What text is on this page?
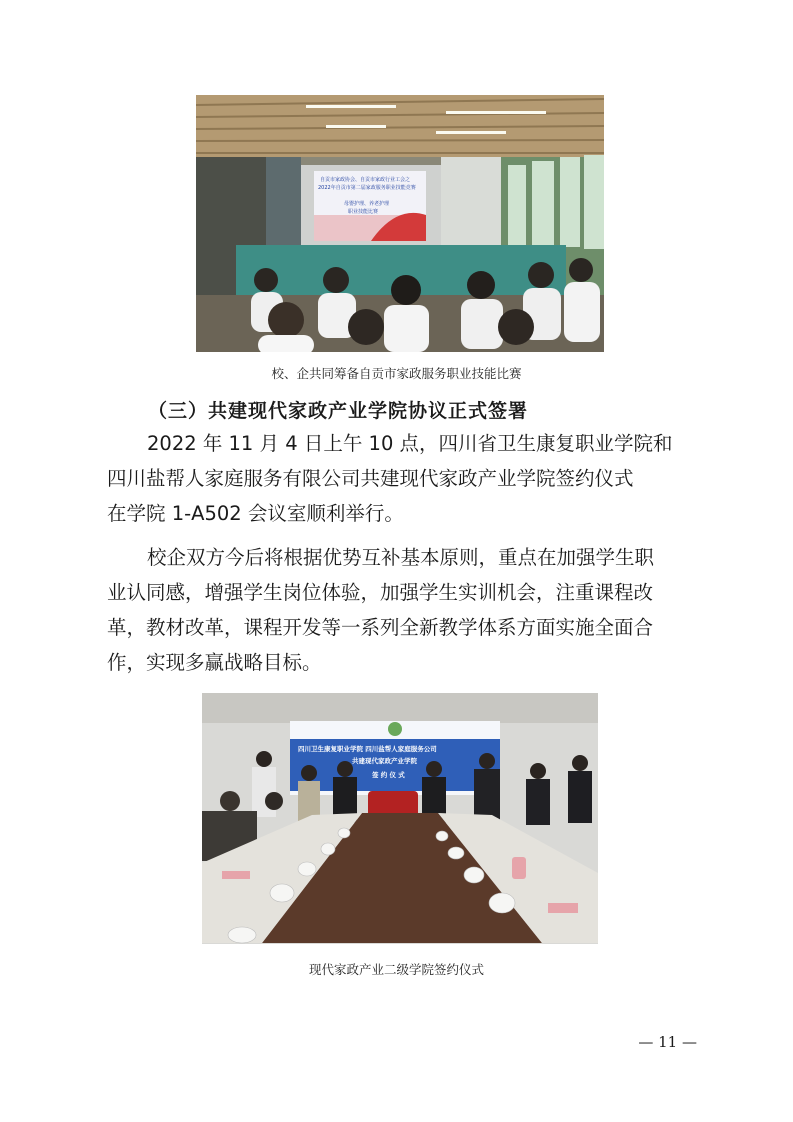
自贡市家政协会、自贡市家政行业工会之
2022年自贡市第二届家政服务职业技能竞赛
母婴护理、养老护理
职业技能比赛
校、企共同筹备自贡市家政服务职业技能比赛
（三）共建现代家政产业学院协议正式签署

2022 年 11 月 4 日上午 10 点，四川省卫生康复职业学院和
四川盐帮人家庭服务有限公司共建现代家政产业学院签约仪式
在学院 1-A502 会议室顺利举行。

校企双方今后将根据优势互补基本原则，重点在加强学生职
业认同感，增强学生岗位体验，加强学生实训机会，注重课程改
革，教材改革，课程开发等一系列全新教学体系方面实施全面合
作，实现多赢战略目标。

四川卫生康复职业学院 四川盐帮人家庭服务公司
共建现代家政产业学院
签 约 仪 式
现代家政产业二级学院签约仪式
— 11 —
